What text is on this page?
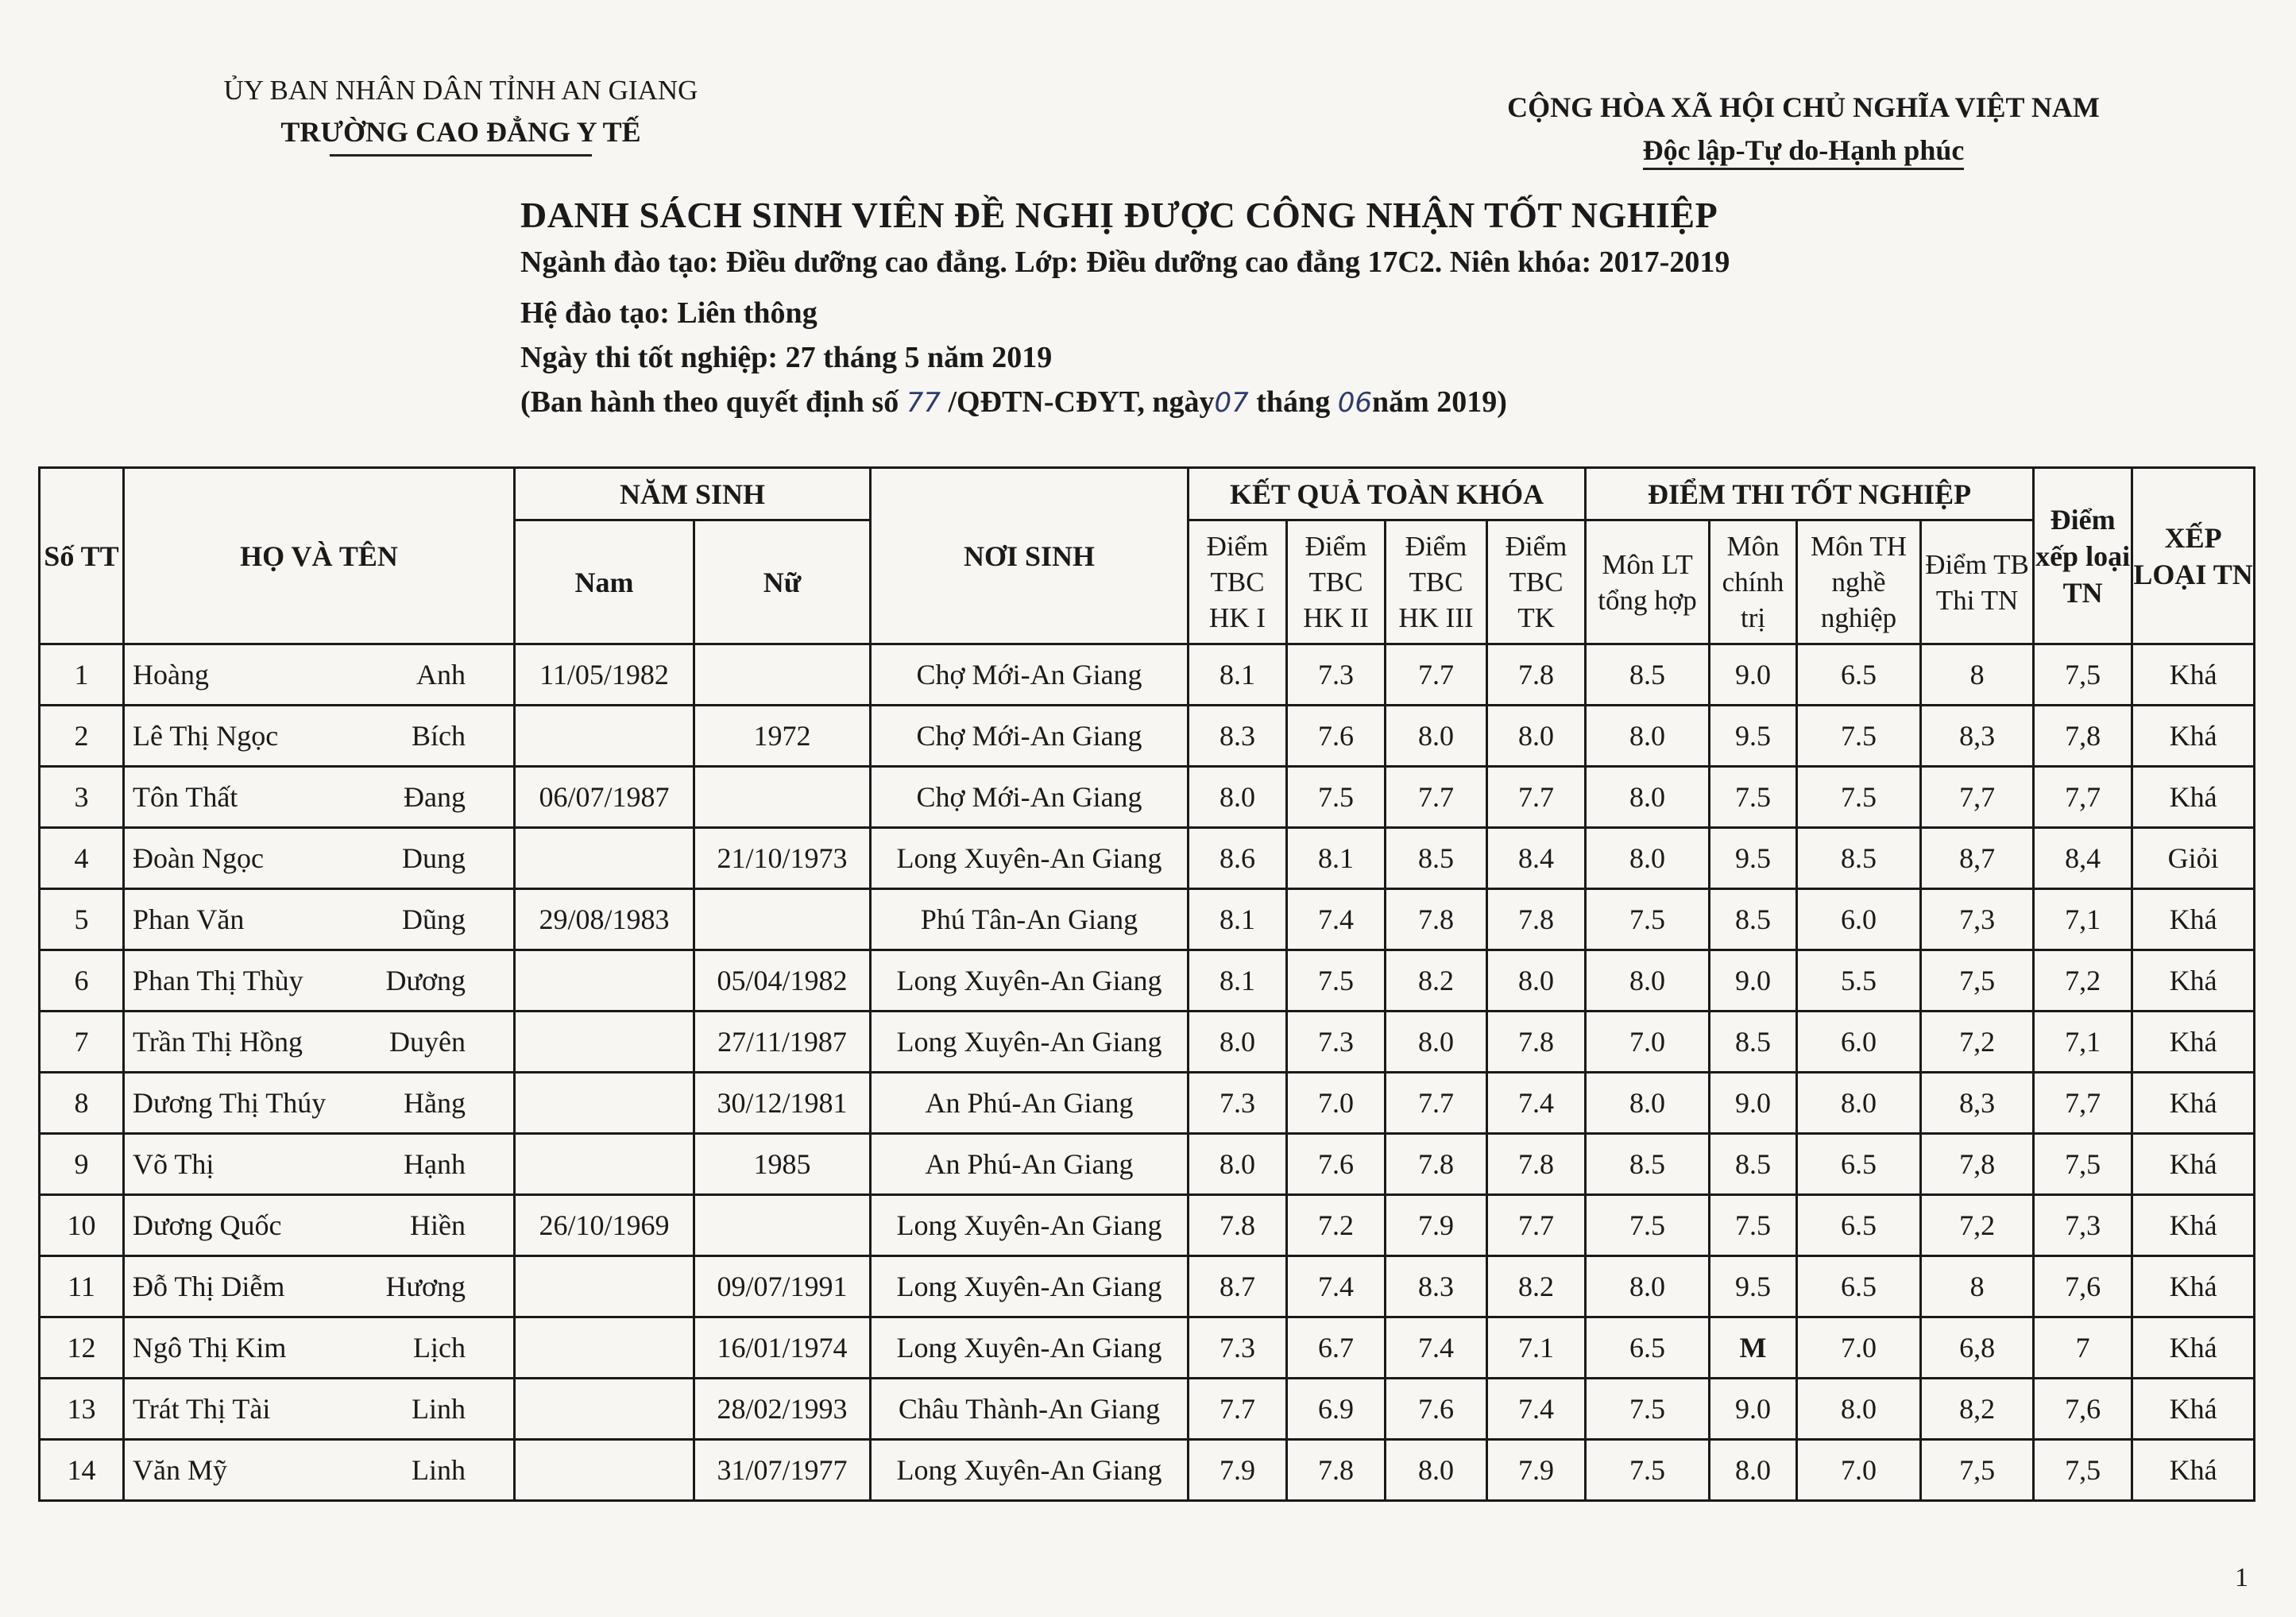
ỦY BAN NHÂN DÂN TỈNH AN GIANG
TRƯỜNG CAO ĐẲNG Y TẾ
CỘNG HÒA XÃ HỘI CHỦ NGHĨA VIỆT NAM
Độc lập-Tự do-Hạnh phúc
DANH SÁCH SINH VIÊN ĐỀ NGHỊ ĐƯỢC CÔNG NHẬN TỐT NGHIỆP
Ngành đào tạo: Điều dưỡng cao đẳng. Lớp: Điều dưỡng cao đẳng 17C2. Niên khóa: 2017-2019
Hệ đào tạo: Liên thông
Ngày thi tốt nghiệp: 27 tháng 5 năm 2019
(Ban hành theo quyết định số 77 /QĐTN-CĐYT, ngày07 tháng 06năm 2019)
Số TT	HỌ VÀ TÊN	NĂM SINH		NƠI SINH	KẾT QUẢ TOÀN KHÓA				ĐIỂM THI TỐT NGHIỆP				Điểm xếp loại TN	XẾP LOẠI TN
		Nam	Nữ		Điểm TBC HK I	Điểm TBC HK II	Điểm TBC HK III	Điểm TBC TK	Môn LT tổng hợp	Môn chính trị	Môn TH nghề nghiệp	Điểm TB Thi TN		
1	Hoàng Anh	11/05/1982		Chợ Mới-An Giang	8.1	7.3	7.7	7.8	8.5	9.0	6.5	8	7,5	Khá
2	Lê Thị Ngọc Bích		1972	Chợ Mới-An Giang	8.3	7.6	8.0	8.0	8.0	9.5	7.5	8,3	7,8	Khá
3	Tôn Thất Đang	06/07/1987		Chợ Mới-An Giang	8.0	7.5	7.7	7.7	8.0	7.5	7.5	7,7	7,7	Khá
4	Đoàn Ngọc Dung		21/10/1973	Long Xuyên-An Giang	8.6	8.1	8.5	8.4	8.0	9.5	8.5	8,7	8,4	Giỏi
5	Phan Văn Dũng	29/08/1983		Phú Tân-An Giang	8.1	7.4	7.8	7.8	7.5	8.5	6.0	7,3	7,1	Khá
6	Phan Thị Thùy Dương		05/04/1982	Long Xuyên-An Giang	8.1	7.5	8.2	8.0	8.0	9.0	5.5	7,5	7,2	Khá
7	Trần Thị Hồng Duyên		27/11/1987	Long Xuyên-An Giang	8.0	7.3	8.0	7.8	7.0	8.5	6.0	7,2	7,1	Khá
8	Dương Thị Thúy Hằng		30/12/1981	An Phú-An Giang	7.3	7.0	7.7	7.4	8.0	9.0	8.0	8,3	7,7	Khá
9	Võ Thị Hạnh		1985	An Phú-An Giang	8.0	7.6	7.8	7.8	8.5	8.5	6.5	7,8	7,5	Khá
10	Dương Quốc Hiền	26/10/1969		Long Xuyên-An Giang	7.8	7.2	7.9	7.7	7.5	7.5	6.5	7,2	7,3	Khá
11	Đỗ Thị Diễm Hương		09/07/1991	Long Xuyên-An Giang	8.7	7.4	8.3	8.2	8.0	9.5	6.5	8	7,6	Khá
12	Ngô Thị Kim Lịch		16/01/1974	Long Xuyên-An Giang	7.3	6.7	7.4	7.1	6.5	M	7.0	6,8	7	Khá
13	Trát Thị Tài Linh		28/02/1993	Châu Thành-An Giang	7.7	6.9	7.6	7.4	7.5	9.0	8.0	8,2	7,6	Khá
14	Văn Mỹ Linh		31/07/1977	Long Xuyên-An Giang	7.9	7.8	8.0	7.9	7.5	8.0	7.0	7,5	7,5	Khá
1
